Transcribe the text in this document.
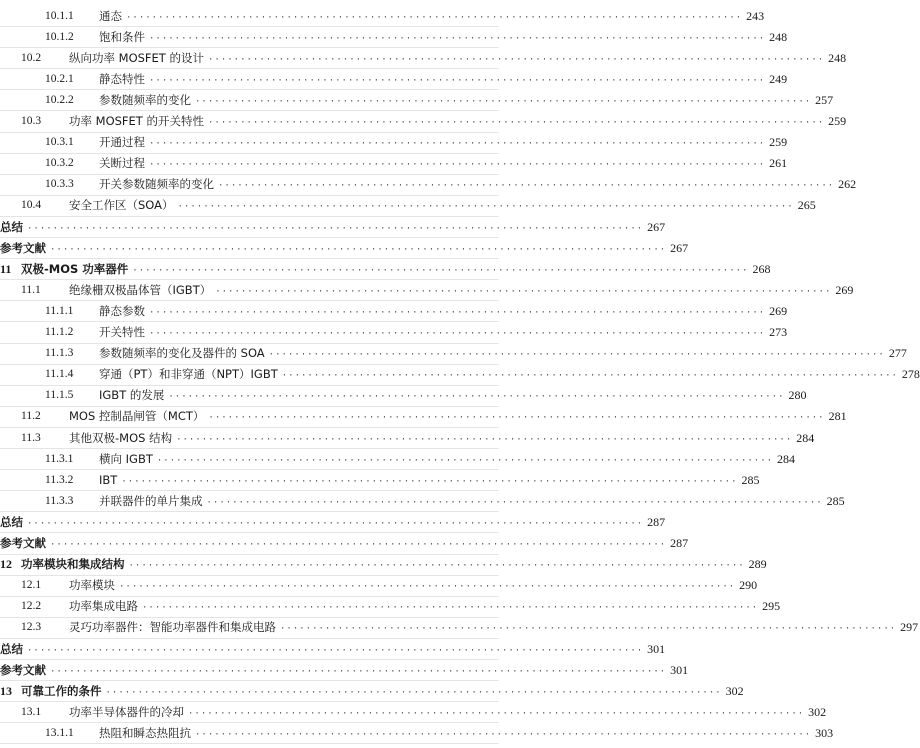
10.1.1	通态 ································································································ 243
10.1.2	饱和条件 ································································································ 248
10.2	纵向功率 MOSFET 的设计 ································································································ 248
10.2.1	静态特性 ································································································ 249
10.2.2	参数随频率的变化 ································································································ 257
10.3	功率 MOSFET 的开关特性 ································································································ 259
10.3.1	开通过程 ································································································ 259
10.3.2	关断过程 ································································································ 261
10.3.3	开关参数随频率的变化 ································································································ 262
10.4	安全工作区（SOA） ································································································ 265
总结 ································································································ 267
参考文献 ································································································ 267
11 双极-MOS 功率器件 ································································································ 268
11.1	绝缘栅双极晶体管（IGBT） ································································································ 269
11.1.1	静态参数 ································································································ 269
11.1.2	开关特性 ································································································ 273
11.1.3	参数随频率的变化及器件的 SOA ································································································ 277
11.1.4	穿通（PT）和非穿通（NPT）IGBT ································································································ 278
11.1.5	IGBT 的发展 ································································································ 280
11.2	MOS 控制晶闸管（MCT） ································································································ 281
11.3	其他双极-MOS 结构 ································································································ 284
11.3.1	横向 IGBT ································································································ 284
11.3.2	IBT ································································································ 285
11.3.3	并联器件的单片集成 ································································································ 285
总结 ································································································ 287
参考文献 ································································································ 287
12 功率模块和集成结构 ································································································ 289
12.1	功率模块 ································································································ 290
12.2	功率集成电路 ································································································ 295
12.3	灵巧功率器件：智能功率器件和集成电路 ································································································ 297
总结 ································································································ 301
参考文献 ································································································ 301
13 可靠工作的条件 ································································································ 302
13.1	功率半导体器件的冷却 ································································································ 302
13.1.1	热阻和瞬态热阻抗 ································································································ 303
